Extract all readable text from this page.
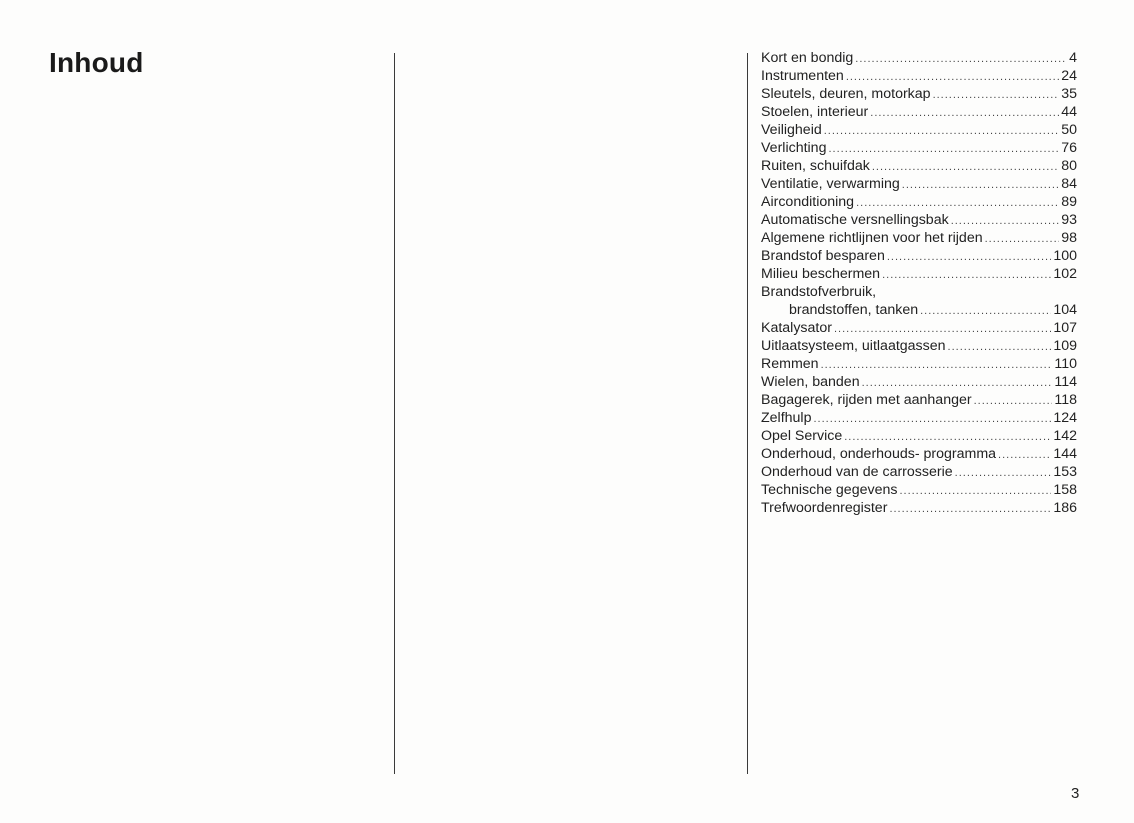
Inhoud	Kort en bondig .....	4
Instrumenten .....	24
Sleutels, deuren, motorkap .....	35
Stoelen, interieur .....	44
Veiligheid .....	50
Verlichting .....	76
Ruiten, schuifdak .....	80
Ventilatie, verwarming .....	84
Airconditioning .....	89
Automatische versnellingsbak .....	93
Algemene richtlijnen voor het rijden .....	98
Brandstof besparen .....	100
Milieu beschermen .....	102
Brandstofverbruik,
brandstoffen, tanken .....	104
Katalysator .....	107
Uitlaatsysteem, uitlaatgassen .....	109
Remmen .....	110
Wielen, banden .....	114
Bagagerek, rijden met aanhanger .....	118
Zelfhulp .....	124
Opel Service .....	142
Onderhoud, onderhouds- programma .....	144
Onderhoud van de carrosserie .....	153
Technische gegevens .....	158
Trefwoordenregister .....	186
3
